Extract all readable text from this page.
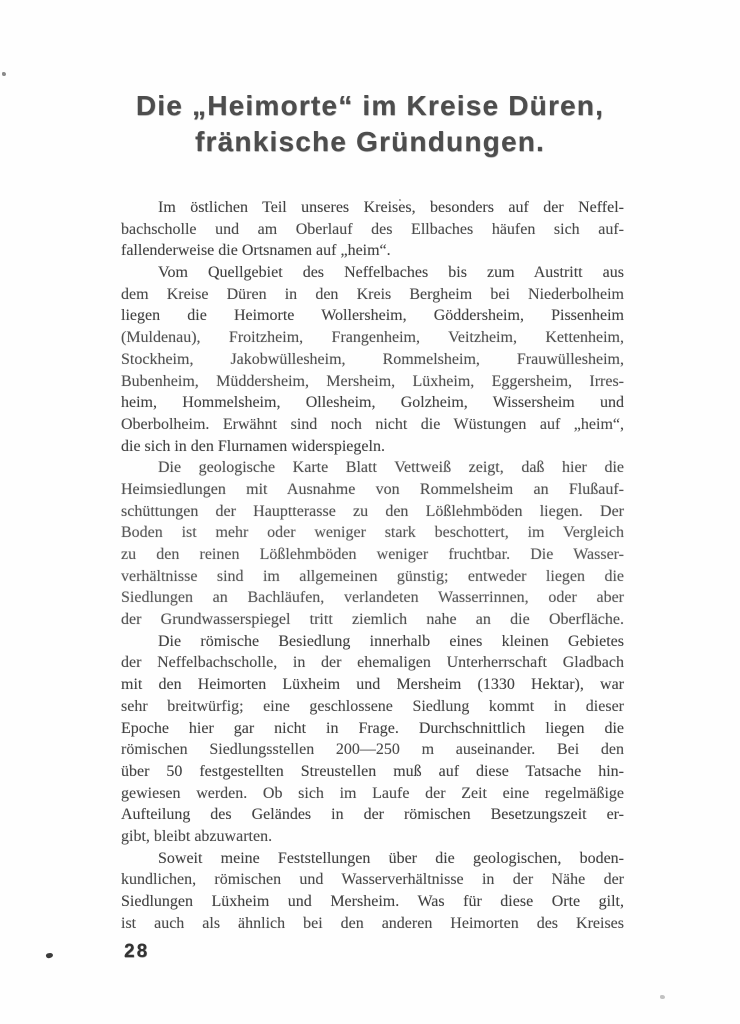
Die „Heimorte“ im Kreise Düren,
fränkische Gründungen.
Im östlichen Teil unseres Kreises, besonders auf der Neffel-
bachscholle und am Oberlauf des Ellbaches häufen sich auf-
fallenderweise die Ortsnamen auf „heim“.
Vom Quellgebiet des Neffelbaches bis zum Austritt aus
dem Kreise Düren in den Kreis Bergheim bei Niederbolheim
liegen die Heimorte Wollersheim, Göddersheim, Pissenheim
(Muldenau), Froitzheim, Frangenheim, Veitzheim, Kettenheim,
Stockheim, Jakobwüllesheim, Rommelsheim, Frauwüllesheim,
Bubenheim, Müddersheim, Mersheim, Lüxheim, Eggersheim, Irres-
heim, Hommelsheim, Ollesheim, Golzheim, Wissersheim und
Oberbolheim. Erwähnt sind noch nicht die Wüstungen auf „heim“,
die sich in den Flurnamen widerspiegeln.
Die geologische Karte Blatt Vettweiß zeigt, daß hier die
Heimsiedlungen mit Ausnahme von Rommelsheim an Flußauf-
schüttungen der Hauptterasse zu den Lößlehmböden liegen. Der
Boden ist mehr oder weniger stark beschottert, im Vergleich
zu den reinen Lößlehmböden weniger fruchtbar. Die Wasser-
verhältnisse sind im allgemeinen günstig; entweder liegen die
Siedlungen an Bachläufen, verlandeten Wasserrinnen, oder aber
der Grundwasserspiegel tritt ziemlich nahe an die Oberfläche.
Die römische Besiedlung innerhalb eines kleinen Gebietes
der Neffelbachscholle, in der ehemaligen Unterherrschaft Gladbach
mit den Heimorten Lüxheim und Mersheim (1330 Hektar), war
sehr breitwürfig; eine geschlossene Siedlung kommt in dieser
Epoche hier gar nicht in Frage. Durchschnittlich liegen die
römischen Siedlungsstellen 200—250 m auseinander. Bei den
über 50 festgestellten Streustellen muß auf diese Tatsache hin-
gewiesen werden. Ob sich im Laufe der Zeit eine regelmäßige
Aufteilung des Geländes in der römischen Besetzungszeit er-
gibt, bleibt abzuwarten.
Soweit meine Feststellungen über die geologischen, boden-
kundlichen, römischen und Wasserverhältnisse in der Nähe der
Siedlungen Lüxheim und Mersheim. Was für diese Orte gilt,
ist auch als ähnlich bei den anderen Heimorten des Kreises
28
